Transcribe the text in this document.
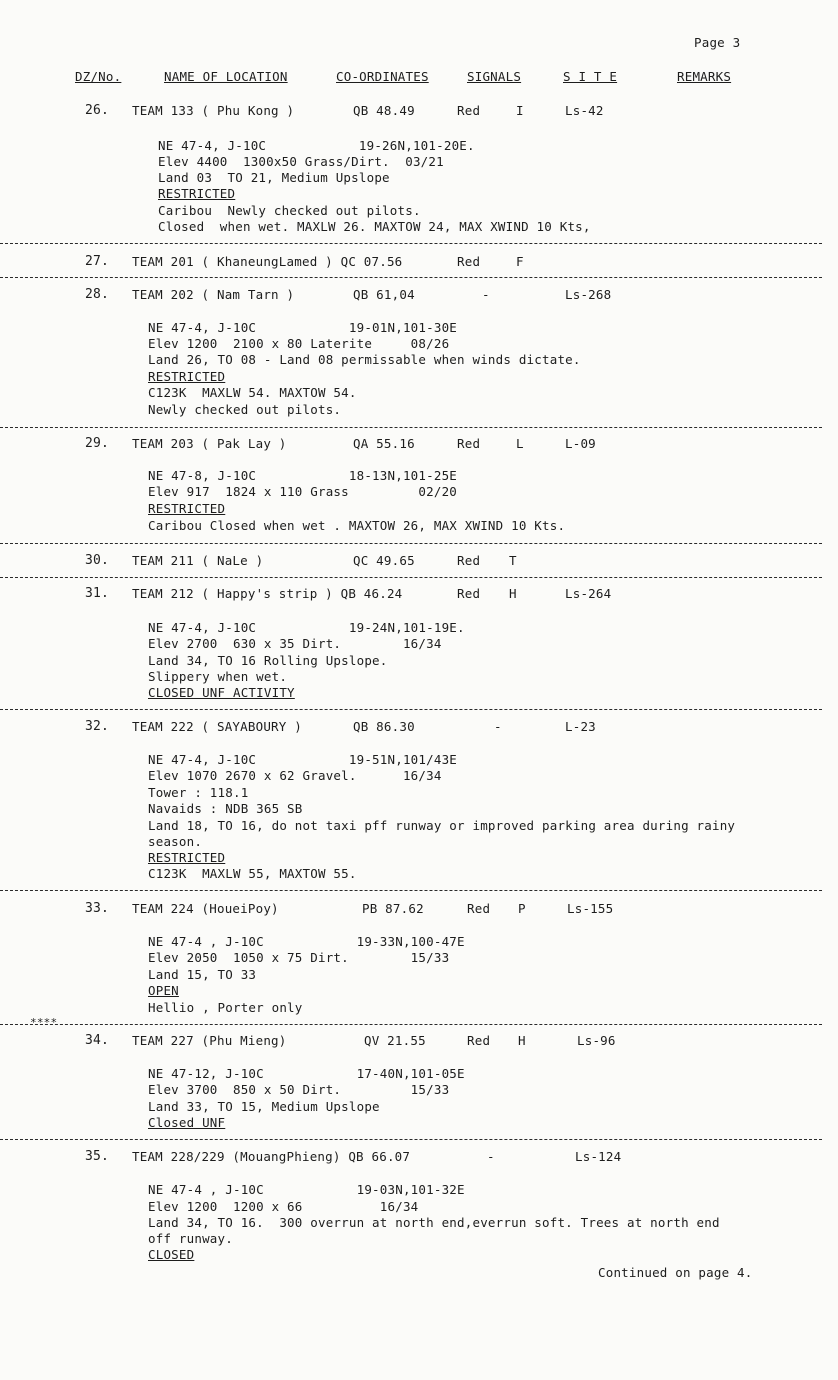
Page 3
DZ/No.	NAME OF LOCATION	CO-ORDINATES	SIGNALS	S I T E	REMARKS
26. TEAM 133 ( Phu Kong )	QB 48.49	Red	I	Ls-42
NE 47-4, J-10C            19-26N,101-20E.
Elev 4400  1300x50 Grass/Dirt.  03/21
Land 03  TO 21, Medium Upslope
RESTRICTED
Caribou  Newly checked out pilots.
Closed  when wet. MAXLW 26. MAXTOW 24, MAX XWIND 10 Kts,
27. TEAM 201 ( KhaneungLamed ) QC 07.56	Red	F
28. TEAM 202 ( Nam Tarn )	QB 61,04	-	Ls-268
NE 47-4, J-10C            19-01N,101-30E
Elev 1200  2100 x 80 Laterite     08/26
Land 26, TO 08 - Land 08 permissable when winds dictate.
RESTRICTED
C123K  MAXLW 54. MAXTOW 54.
Newly checked out pilots.
29. TEAM 203 ( Pak Lay )	QA 55.16	Red	L	L-09
NE 47-8, J-10C            18-13N,101-25E
Elev 917  1824 x 110 Grass         02/20
RESTRICTED
Caribou Closed when wet . MAXTOW 26, MAX XWIND 10 Kts.
30. TEAM 211 ( NaLe )	QC 49.65	Red T
31. TEAM 212 ( Happy's strip ) QB 46.24	Red H	Ls-264
NE 47-4, J-10C            19-24N,101-19E.
Elev 2700  630 x 35 Dirt.        16/34
Land 34, TO 16 Rolling Upslope.
Slippery when wet.
CLOSED UNF ACTIVITY
32. TEAM 222 ( SAYABOURY )	QB 86.30	-	L-23
NE 47-4, J-10C            19-51N,101/43E
Elev 1070 2670 x 62 Gravel.      16/34
Tower : 118.1
Navaids : NDB 365 SB
Land 18, TO 16, do not taxi pff runway or improved parking area during rainy
season.
RESTRICTED
C123K  MAXLW 55, MAXTOW 55.
33. TEAM 224 (HoueiPoy)	PB 87.62	Red P	Ls-155
NE 47-4 , J-10C            19-33N,100-47E
Elev 2050  1050 x 75 Dirt.        15/33
Land 15, TO 33
OPEN
Hellio , Porter only
****
34. TEAM 227 (Phu Mieng)	QV 21.55	Red H	Ls-96
NE 47-12, J-10C            17-40N,101-05E
Elev 3700  850 x 50 Dirt.         15/33
Land 33, TO 15, Medium Upslope
Closed UNF
35. TEAM 228/229 (MouangPhieng) QB 66.07	-	Ls-124
NE 47-4 , J-10C            19-03N,101-32E
Elev 1200  1200 x 66          16/34
Land 34, TO 16.  300 overrun at north end,everrun soft. Trees at north end
off runway.
CLOSED
Continued on page 4.
